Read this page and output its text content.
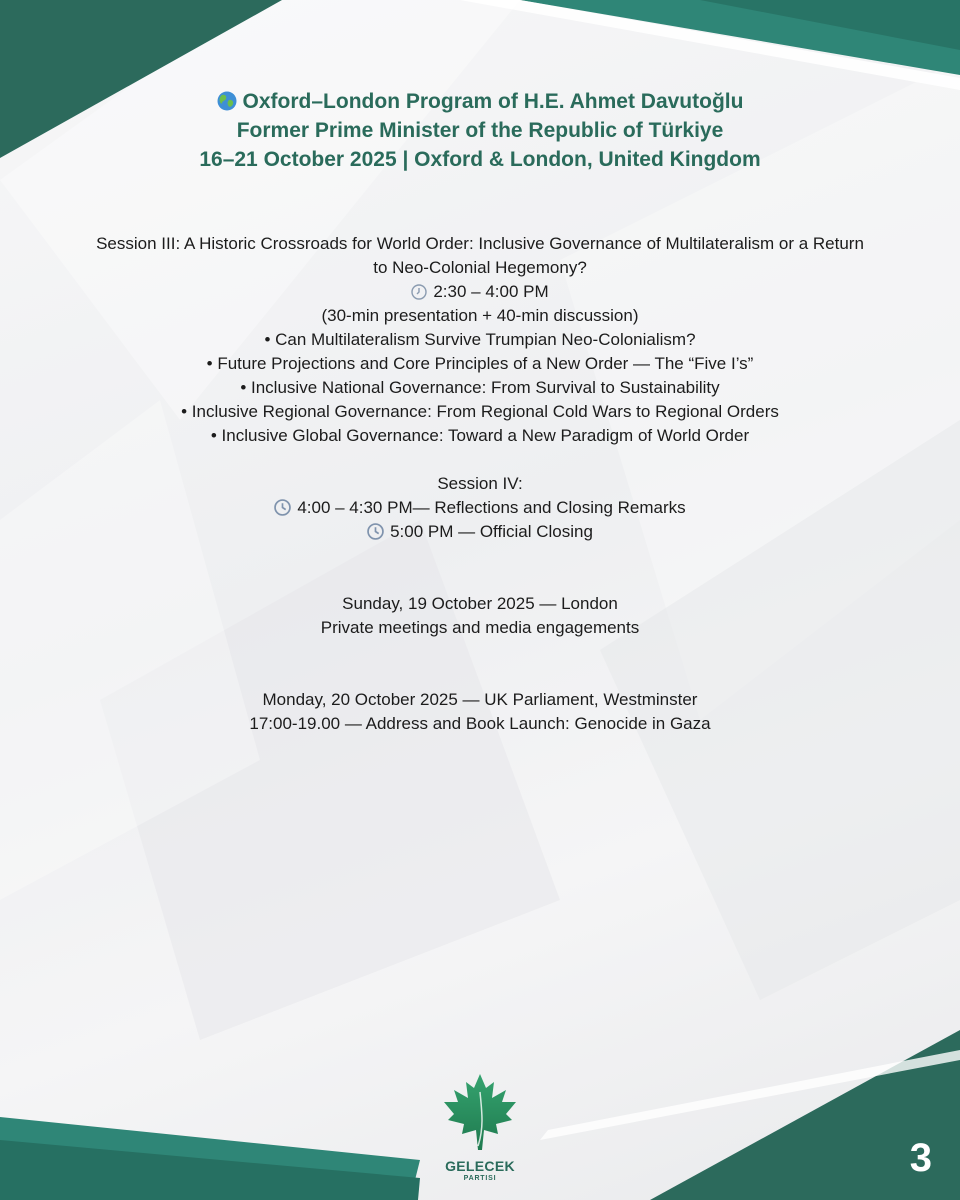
Oxford–London Program of H.E. Ahmet Davutoğlu
Former Prime Minister of the Republic of Türkiye
16–21 October 2025 | Oxford & London, United Kingdom
Session III: A Historic Crossroads for World Order: Inclusive Governance of Multilateralism or a Return
to Neo-Colonial Hegemony?
2:30 – 4:00 PM
(30-min presentation + 40-min discussion)
• Can Multilateralism Survive Trumpian Neo-Colonialism?
• Future Projections and Core Principles of a New Order — The “Five I’s”
• Inclusive National Governance: From Survival to Sustainability
• Inclusive Regional Governance: From Regional Cold Wars to Regional Orders
• Inclusive Global Governance: Toward a New Paradigm of World Order
Session IV:
4:00 – 4:30 PM— Reflections and Closing Remarks
5:00 PM — Official Closing
Sunday, 19 October 2025 — London
Private meetings and media engagements
Monday, 20 October 2025 — UK Parliament, Westminster
17:00-19.00 — Address and Book Launch: Genocide in Gaza
GELECEK
PARTISI	3
